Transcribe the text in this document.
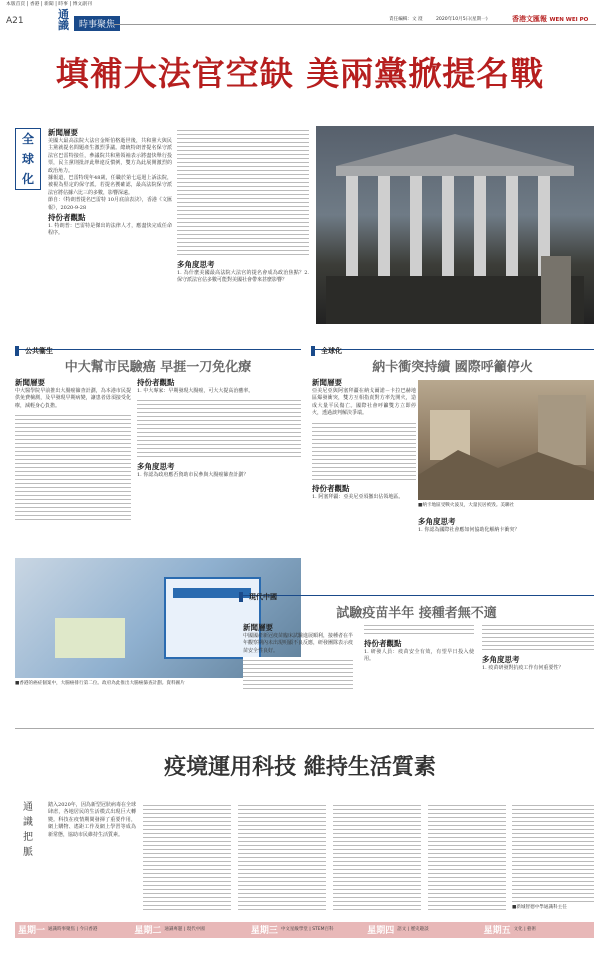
本版首頁 | 香港 | 新聞 | 時事 | 博文副刊
A21	通
識	時事聚焦
責任編輯：文 澄	2020年10月5日(星期一)	香港文匯報 WEN WEI PO
填補大法官空缺 美兩黨掀提名戰
全
球
化
新聞層要

美國大最高法院大法官金斯伯格逝世後，共和黨大與民主黨就提名問題產生激烈爭議。總統特朗普提名保守派法官巴雷特接任，參議院共和黨領袖表示將盡快舉行投票，民主黨則批評此舉違反慣例，雙方為此展開激烈的政治角力。

據報道，巴雷特現年48歲，任職於第七巡迴上訴法院，被視為堅定的保守派。若提名獲確認，最高法院保守派法官將佔據六比三的多數，影響深遠。

節自：《特朗普提名巴雷特 10月底前表決》，香港《文匯報》，2020-9-28

持份者觀點

1. 特朗普：巴雷特是傑出的法律人才，應盡快完成任命程序。

多角度思考

1. 為什麼美國最高法院大法官的提名會成為政治焦點？2. 保守派法官佔多數可能對美國社會帶來甚麼影響？

公共衞生
中大幫市民驗癌 早捱一刀免化療
新聞層要

中大醫學院早前推出大腸癌篩查計劃，為本港市民提供免費檢測，及早發現早期病變，讓患者毋須接受化療，減輕身心負擔。

持份者觀點

1. 中大專家：早期發現大腸癌，可大大提高治癒率。

多角度思考

1. 你認為政府應否資助市民參與大腸癌篩查計劃？

■香港的癌症個案中，大腸癌排行第二位。政府為此推出大腸癌篩查計劃。資料圖片
全球化
納卡衝突持續 國際呼籲停火
新聞層要

亞美尼亞與阿塞拜疆在納戈爾諾－卡拉巴赫地區爆發衝突，雙方互相指責對方率先開火，造成大量平民傷亡。國際社會呼籲雙方立即停火，透過談判解決爭端。

持份者觀點

1. 阿塞拜疆：亞美尼亞須撤出佔領地區。

■納卡地區受戰火波及，大量民居被毀。美聯社
多角度思考

1. 你認為國際社會應如何協助化解納卡衝突？

現代中國
試驗疫苗半年 接種者無不適
新聞層要

中國國產新冠疫苗臨床試驗進展順利，接種者在半年觀察期內未出現明顯不良反應，研發團隊表示疫苗安全性良好。

持份者觀點

1. 研發人員：疫苗安全有效，有望早日投入使用。	多角度思考

1. 疫苗研發對抗疫工作有何重要性？

疫境運用科技 維持生活質素
通
識
把
脈

踏入2020年，因為新型冠狀病毒在全球肆虐，各地居民的生活模式出現巨大轉變。科技在疫情期間發揮了重要作用，網上購物、遙距工作及網上學習等成為新常態，協助市民維持生活質素。

■新城智德中學通識科主任
星期一 通識時事聚焦 | 今日香港	星期二 通識專題 | 現代中國	星期三 中文星級學堂 | STEM百科	星期四 語文 | 歷史趣談	星期五 文化 | 藝術
